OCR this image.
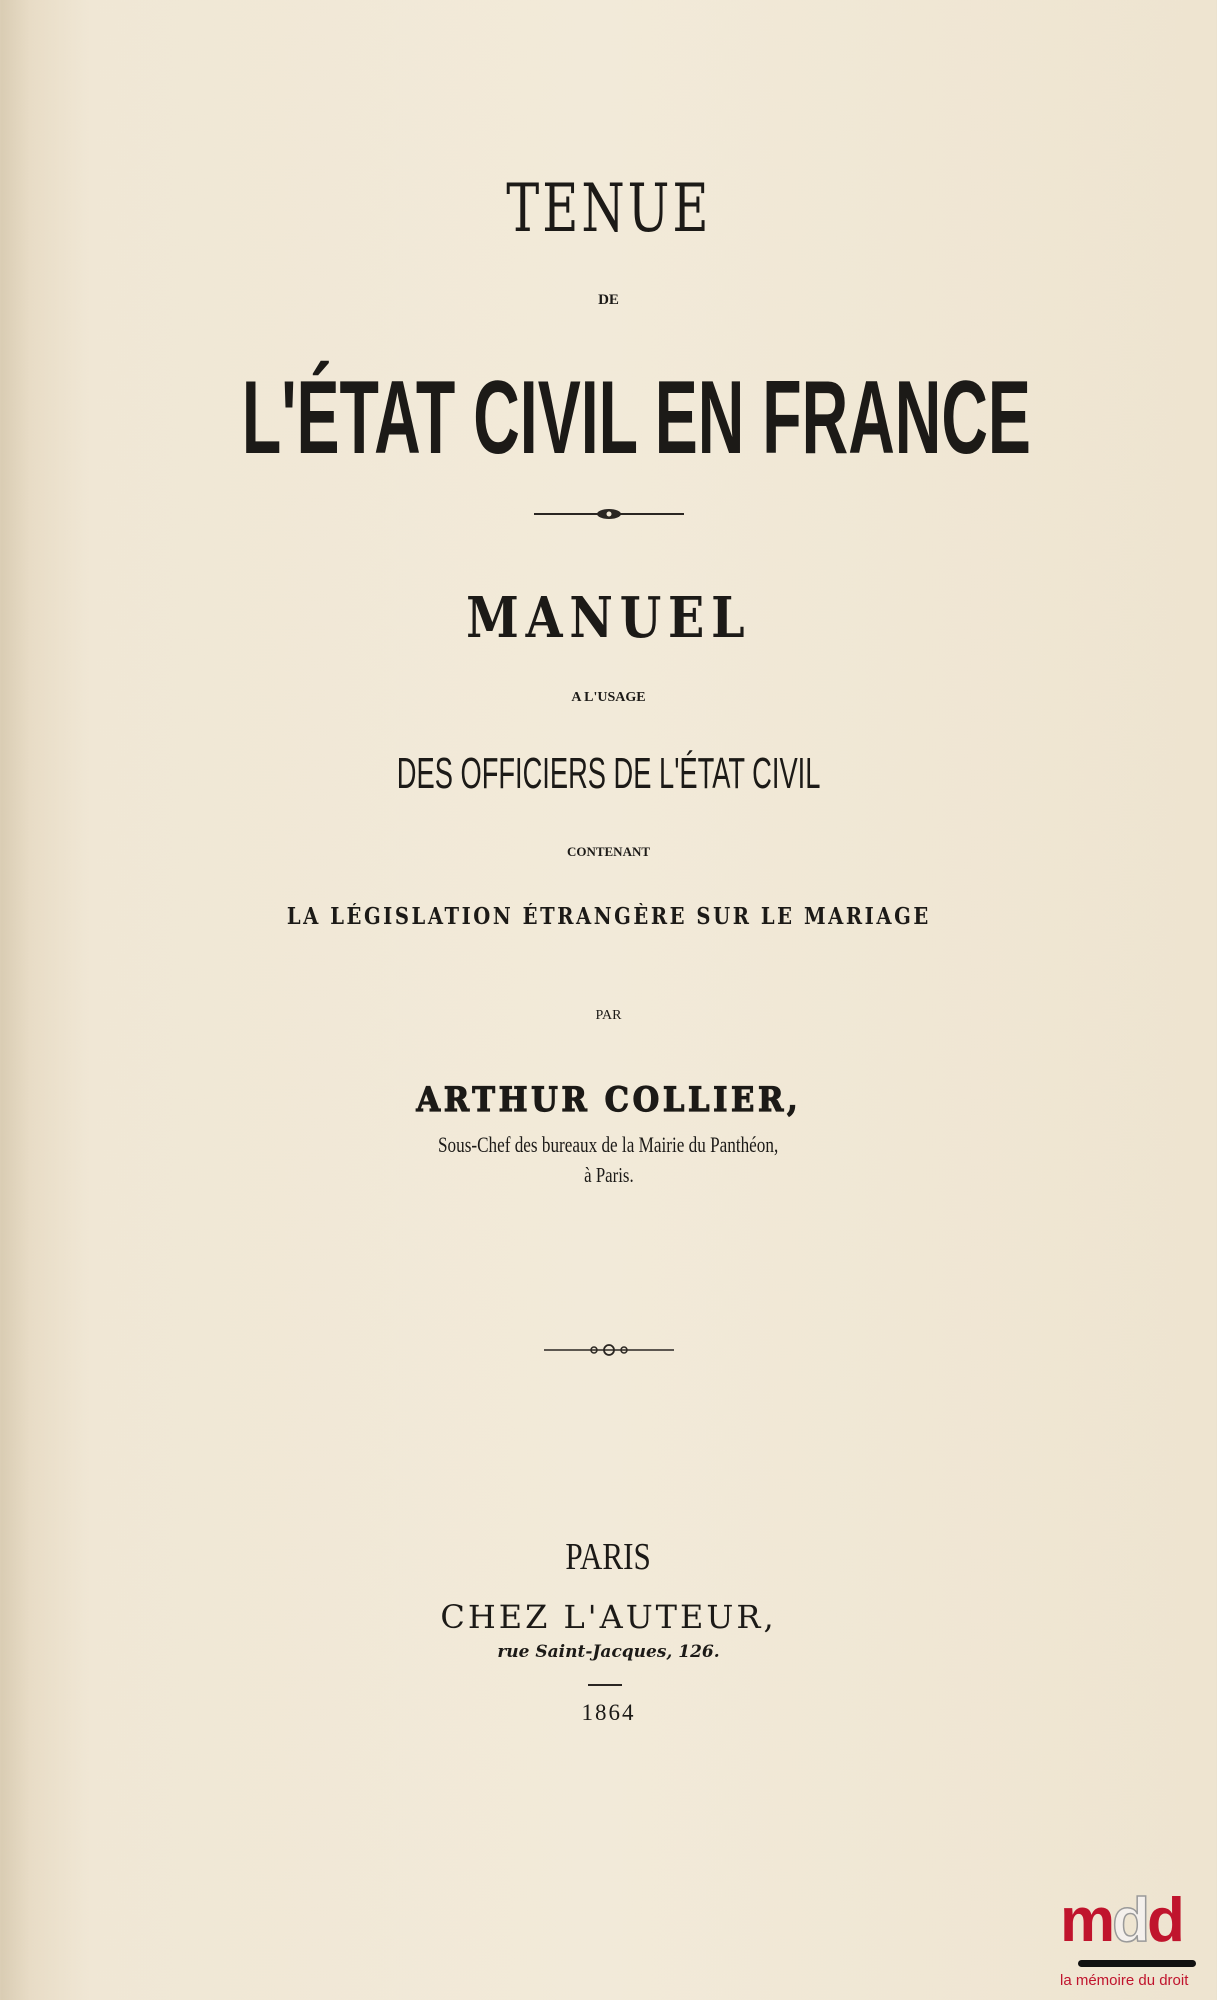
TENUE
DE
L'ÉTAT CIVIL EN FRANCE
MANUEL
A L'USAGE
DES OFFICIERS DE L'ÉTAT CIVIL
CONTENANT
LA LÉGISLATION ÉTRANGÈRE SUR LE MARIAGE
PAR
ARTHUR COLLIER,
Sous-Chef des bureaux de la Mairie du Panthéon,
à Paris.
PARIS
CHEZ L'AUTEUR,
rue Saint-Jacques, 126.
1864
mdd
la mémoire du droit
